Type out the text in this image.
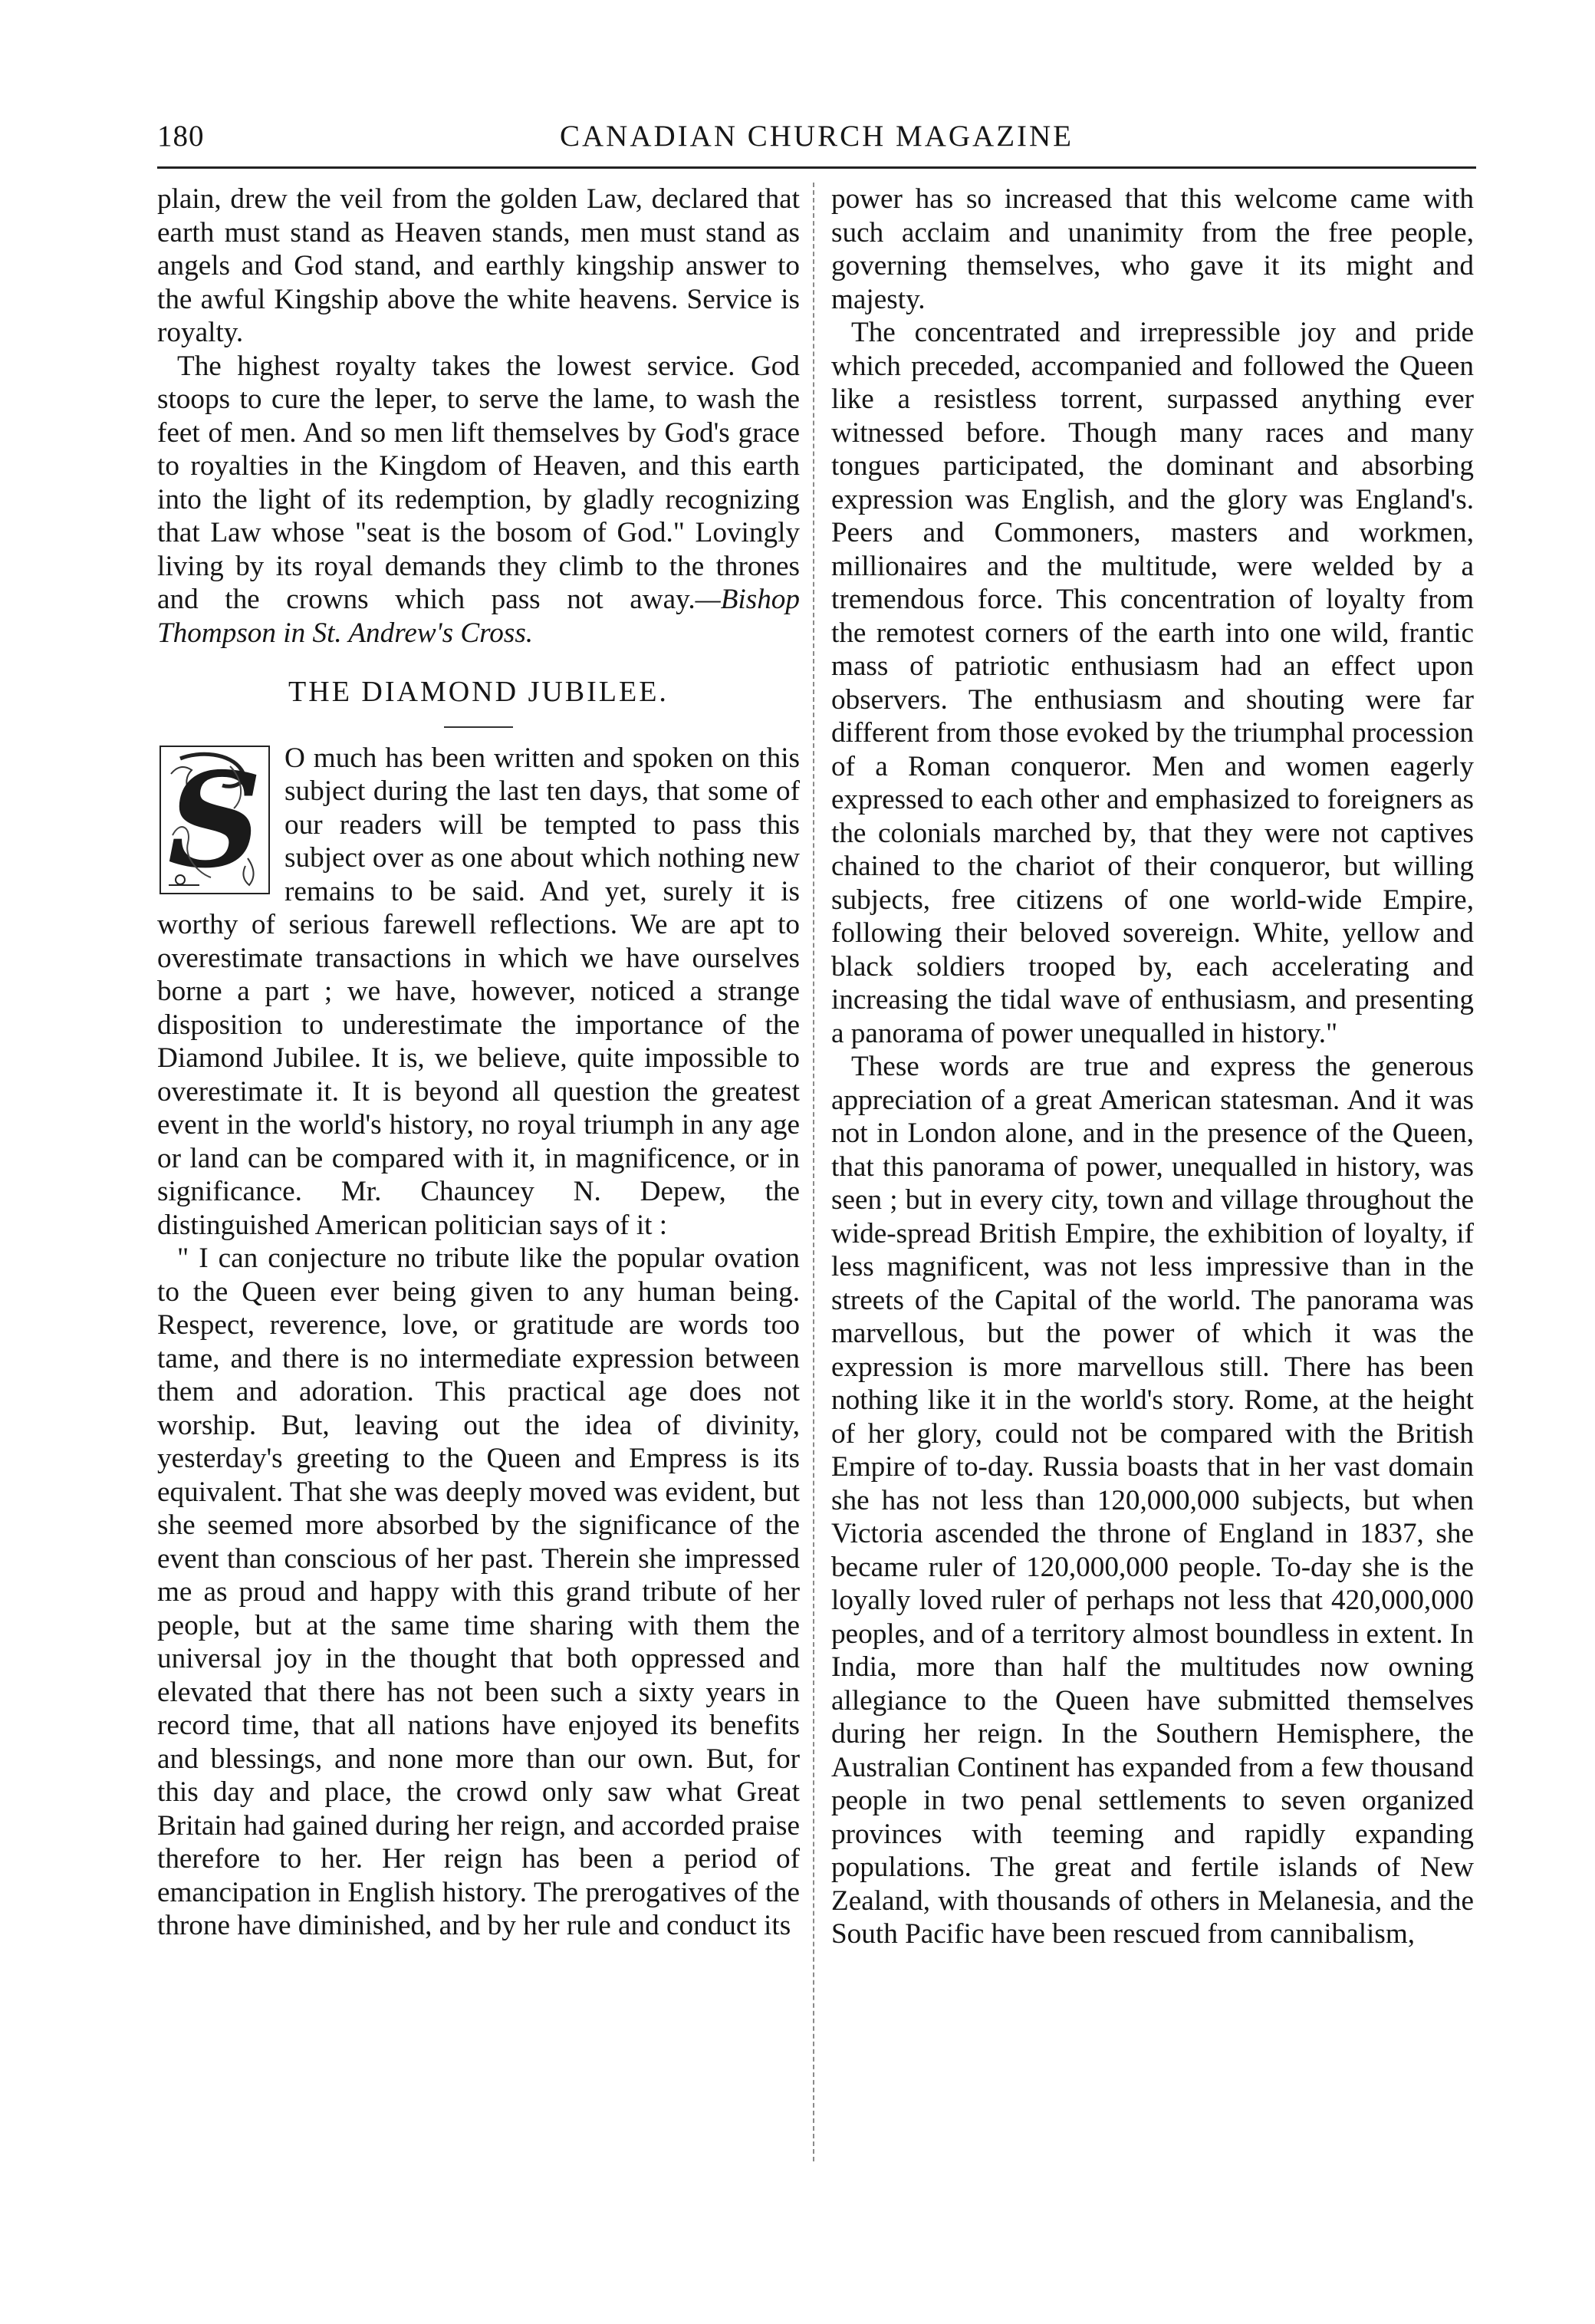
180	CANADIAN CHURCH MAGAZINE

plain, drew the veil from the golden Law, declared that earth must stand as Heaven stands, men must stand as angels and God stand, and earthly kingship answer to the awful Kingship above the white heavens. Service is royalty.

The highest royalty takes the lowest service. God stoops to cure the leper, to serve the lame, to wash the feet of men. And so men lift themselves by God's grace to royalties in the Kingdom of Heaven, and this earth into the light of its redemption, by gladly recognizing that Law whose "seat is the bosom of God." Lovingly living by its royal demands they climb to the thrones and the crowns which pass not away.—Bishop Thompson in St. Andrew's Cross.

THE DIAMOND JUBILEE.
S O much has been written and spoken on this subject during the last ten days, that some of our readers will be tempted to pass this subject over as one about which nothing new remains to be said. And yet, surely it is worthy of serious farewell reflections. We are apt to overestimate transactions in which we have ourselves borne a part ; we have, however, noticed a strange disposition to underestimate the importance of the Diamond Jubilee. It is, we believe, quite impossible to overestimate it. It is beyond all question the greatest event in the world's history, no royal triumph in any age or land can be compared with it, in magnificence, or in significance. Mr. Chauncey N. Depew, the distinguished American politician says of it :

" I can conjecture no tribute like the popular ovation to the Queen ever being given to any human being. Respect, reverence, love, or gratitude are words too tame, and there is no intermediate expression between them and adoration. This practical age does not worship. But, leaving out the idea of divinity, yesterday's greeting to the Queen and Empress is its equivalent. That she was deeply moved was evident, but she seemed more absorbed by the significance of the event than conscious of her past. Therein she impressed me as proud and happy with this grand tribute of her people, but at the same time sharing with them the universal joy in the thought that both oppressed and elevated that there has not been such a sixty years in record time, that all nations have enjoyed its benefits and blessings, and none more than our own. But, for this day and place, the crowd only saw what Great Britain had gained during her reign, and accorded praise therefore to her. Her reign has been a period of emancipation in English history. The prerogatives of the throne have diminished, and by her rule and conduct its

power has so increased that this welcome came with such acclaim and unanimity from the free people, governing themselves, who gave it its might and majesty.

The concentrated and irrepressible joy and pride which preceded, accompanied and followed the Queen like a resistless torrent, surpassed anything ever witnessed before. Though many races and many tongues participated, the dominant and absorbing expression was English, and the glory was England's. Peers and Commoners, masters and workmen, millionaires and the multitude, were welded by a tremendous force. This concentration of loyalty from the remotest corners of the earth into one wild, frantic mass of patriotic enthusiasm had an effect upon observers. The enthusiasm and shouting were far different from those evoked by the triumphal procession of a Roman conqueror. Men and women eagerly expressed to each other and emphasized to foreigners as the colonials marched by, that they were not captives chained to the chariot of their conqueror, but willing subjects, free citizens of one world-wide Empire, following their beloved sovereign. White, yellow and black soldiers trooped by, each accelerating and increasing the tidal wave of enthusiasm, and presenting a panorama of power unequalled in history."

These words are true and express the generous appreciation of a great American statesman. And it was not in London alone, and in the presence of the Queen, that this panorama of power, unequalled in history, was seen ; but in every city, town and village throughout the wide-spread British Empire, the exhibition of loyalty, if less magnificent, was not less impressive than in the streets of the Capital of the world. The panorama was marvellous, but the power of which it was the expression is more marvellous still. There has been nothing like it in the world's story. Rome, at the height of her glory, could not be compared with the British Empire of to-day. Russia boasts that in her vast domain she has not less than 120,000,000 subjects, but when Victoria ascended the throne of England in 1837, she became ruler of 120,000,000 people. To-day she is the loyally loved ruler of perhaps not less that 420,000,000 peoples, and of a territory almost boundless in extent. In India, more than half the multitudes now owning allegiance to the Queen have submitted themselves during her reign. In the Southern Hemisphere, the Australian Continent has expanded from a few thousand people in two penal settlements to seven organized provinces with teeming and rapidly expanding populations. The great and fertile islands of New Zealand, with thousands of others in Melanesia, and the South Pacific have been rescued from cannibalism,
